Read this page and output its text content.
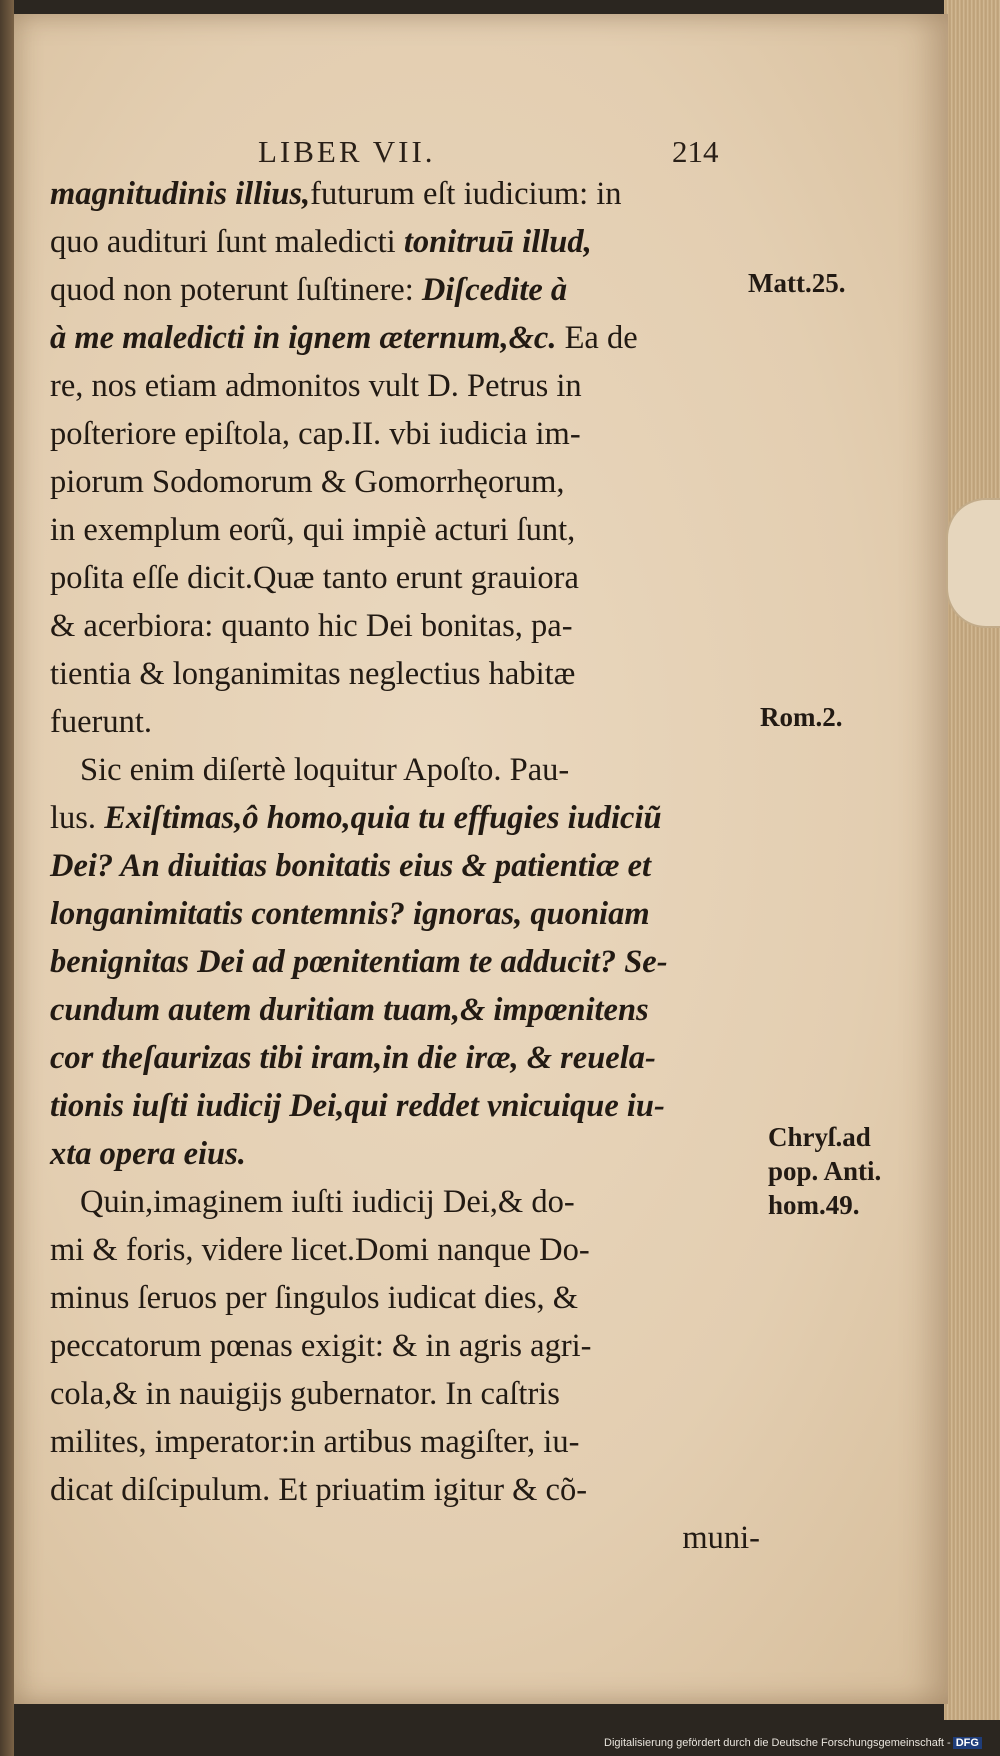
LIBER VII.	214
magnitudinis illius,futurum eſt iudicium: in
quo audituri ſunt maledicti tonitruū illud,
quod non poterunt ſuſtinere: Diſcedite à
à me maledicti in ignem æternum,&c. Ea de
re, nos etiam admonitos vult D. Petrus in
poſteriore epiſtola, cap.II. vbi iudicia im-
piorum Sodomorum & Gomorrhęorum,
in exemplum eorũ, qui impiè acturi ſunt,
poſita eſſe dicit.Quæ tanto erunt grauiora
& acerbiora: quanto hic Dei bonitas, pa-
tientia & longanimitas neglectius habitæ
fuerunt.
Sic enim diſertè loquitur Apoſto. Pau-
lus. Exiſtimas,ô homo,quia tu effugies iudiciũ
Dei? An diuitias bonitatis eius & patientiæ et
longanimitatis contemnis? ignoras, quoniam
benignitas Dei ad pœnitentiam te adducit? Se-
cundum autem duritiam tuam,& impœnitens
cor theſaurizas tibi iram,in die iræ, & reuela-
tionis iuſti iudicij Dei,qui reddet vnicuique iu-
xta opera eius.
Quin,imaginem iuſti iudicij Dei,& do-
mi & foris, videre licet.Domi nanque Do-
minus ſeruos per ſingulos iudicat dies, &
peccatorum pœnas exigit: & in agris agri-
cola,& in nauigijs gubernator. In caſtris
milites, imperator:in artibus magiſter, iu-
dicat diſcipulum. Et priuatim igitur & cõ-
muni-
Matt.25.
Rom.2.
Chryſ.ad
pop. Anti.
hom.49.
Digitalisierung gefördert durch die Deutsche Forschungsgemeinschaft - DFG
